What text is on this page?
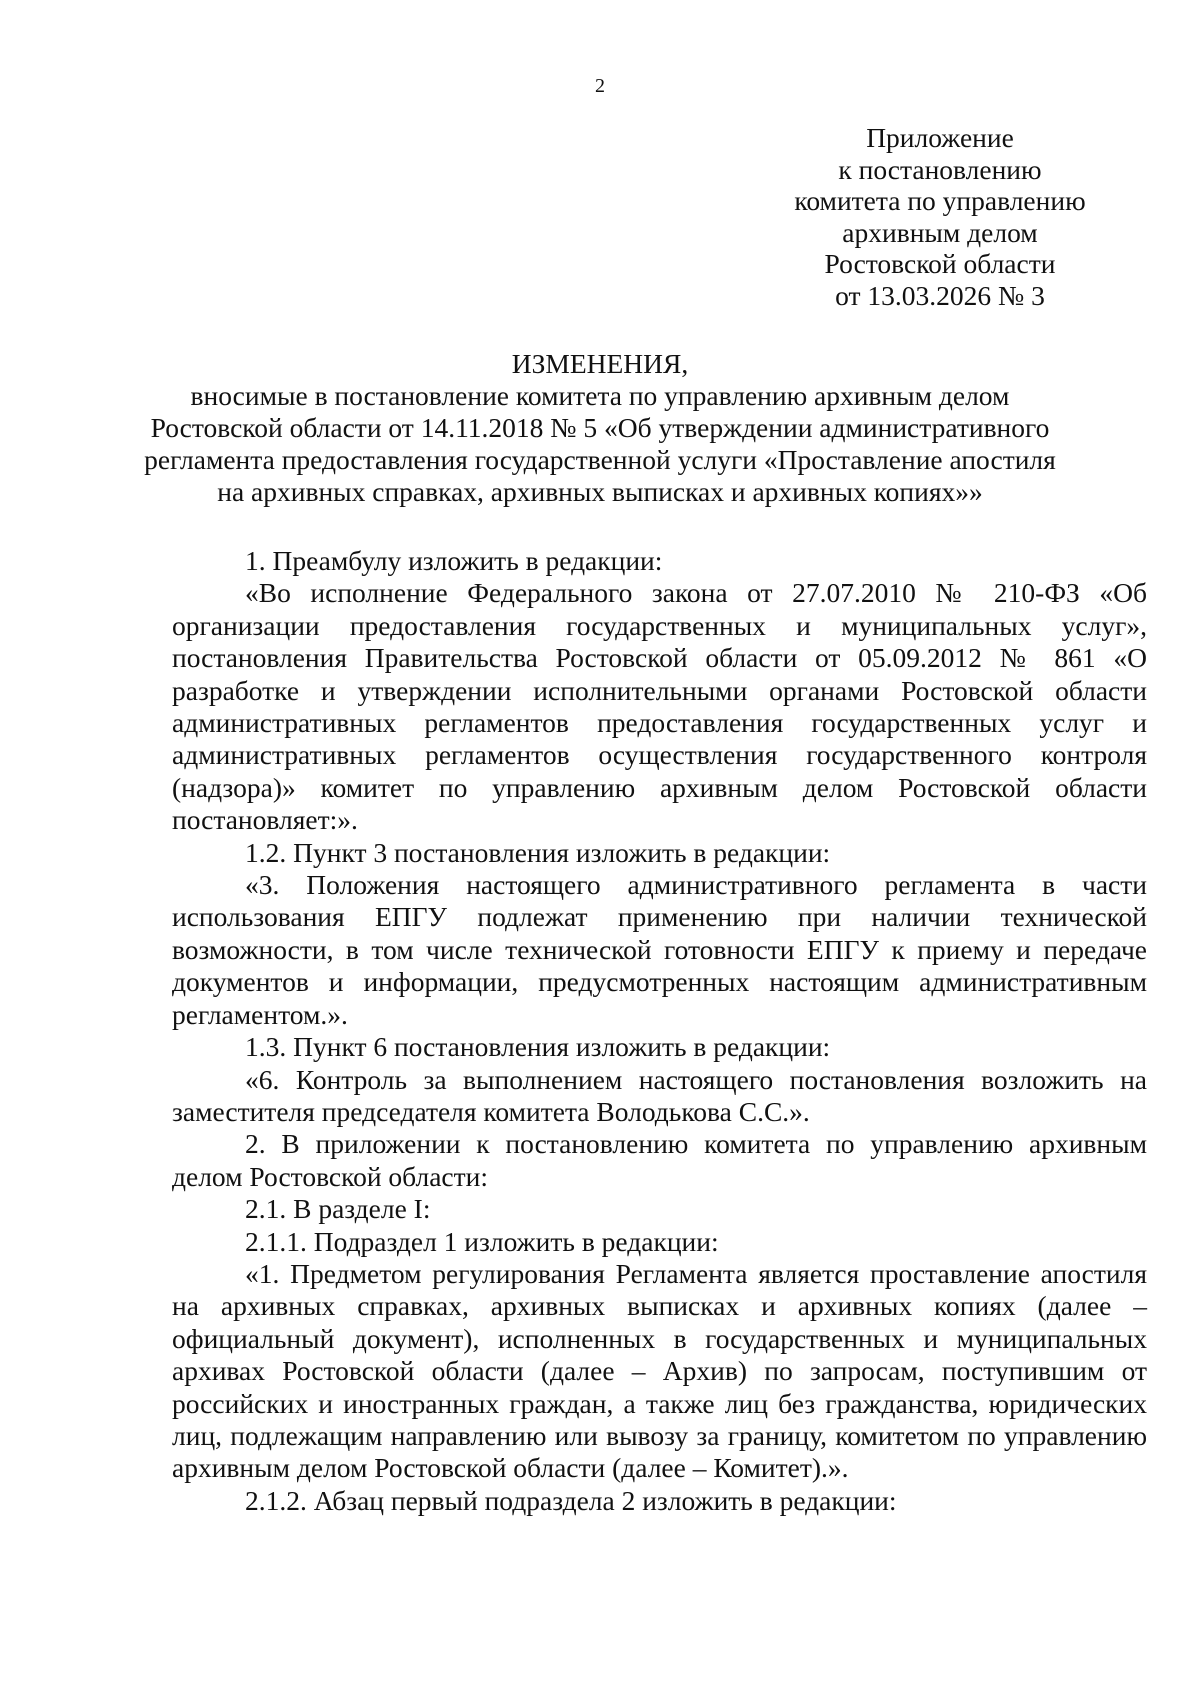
2
Приложение
к постановлению
комитета по управлению
архивным делом
Ростовской области
от 13.03.2026 № 3
ИЗМЕНЕНИЯ,
вносимые в постановление комитета по управлению архивным делом
Ростовской области от 14.11.2018 № 5 «Об утверждении административного
регламента предоставления государственной услуги «Проставление апостиля
на архивных справках, архивных выписках и архивных копиях»»

1. Преамбулу изложить в редакции:

«Во исполнение Федерального закона от 27.07.2010 № 210-ФЗ «Об организации предоставления государственных и муниципальных услуг», постановления Правительства Ростовской области от 05.09.2012 № 861 «О разработке и утверждении исполнительными органами Ростовской области административных регламентов предоставления государственных услуг и административных регламентов осуществления государственного контроля (надзора)» комитет по управлению архивным делом Ростовской области постановляет:».

1.2. Пункт 3 постановления изложить в редакции:

«3. Положения настоящего административного регламента в части использования ЕПГУ подлежат применению при наличии технической возможности, в том числе технической готовности ЕПГУ к приему и передаче документов и информации, предусмотренных настоящим административным регламентом.».

1.3. Пункт 6 постановления изложить в редакции:

«6. Контроль за выполнением настоящего постановления возложить на заместителя председателя комитета Володькова С.С.».

2. В приложении к постановлению комитета по управлению архивным делом Ростовской области:

2.1. В разделе I:

2.1.1. Подраздел 1 изложить в редакции:

«1. Предметом регулирования Регламента является проставление апостиля на архивных справках, архивных выписках и архивных копиях (далее – официальный документ), исполненных в государственных и муниципальных архивах Ростовской области (далее – Архив) по запросам, поступившим от российских и иностранных граждан, а также лиц без гражданства, юридических лиц, подлежащим направлению или вывозу за границу, комитетом по управлению архивным делом Ростовской области (далее – Комитет).».

2.1.2. Абзац первый подраздела 2 изложить в редакции:
